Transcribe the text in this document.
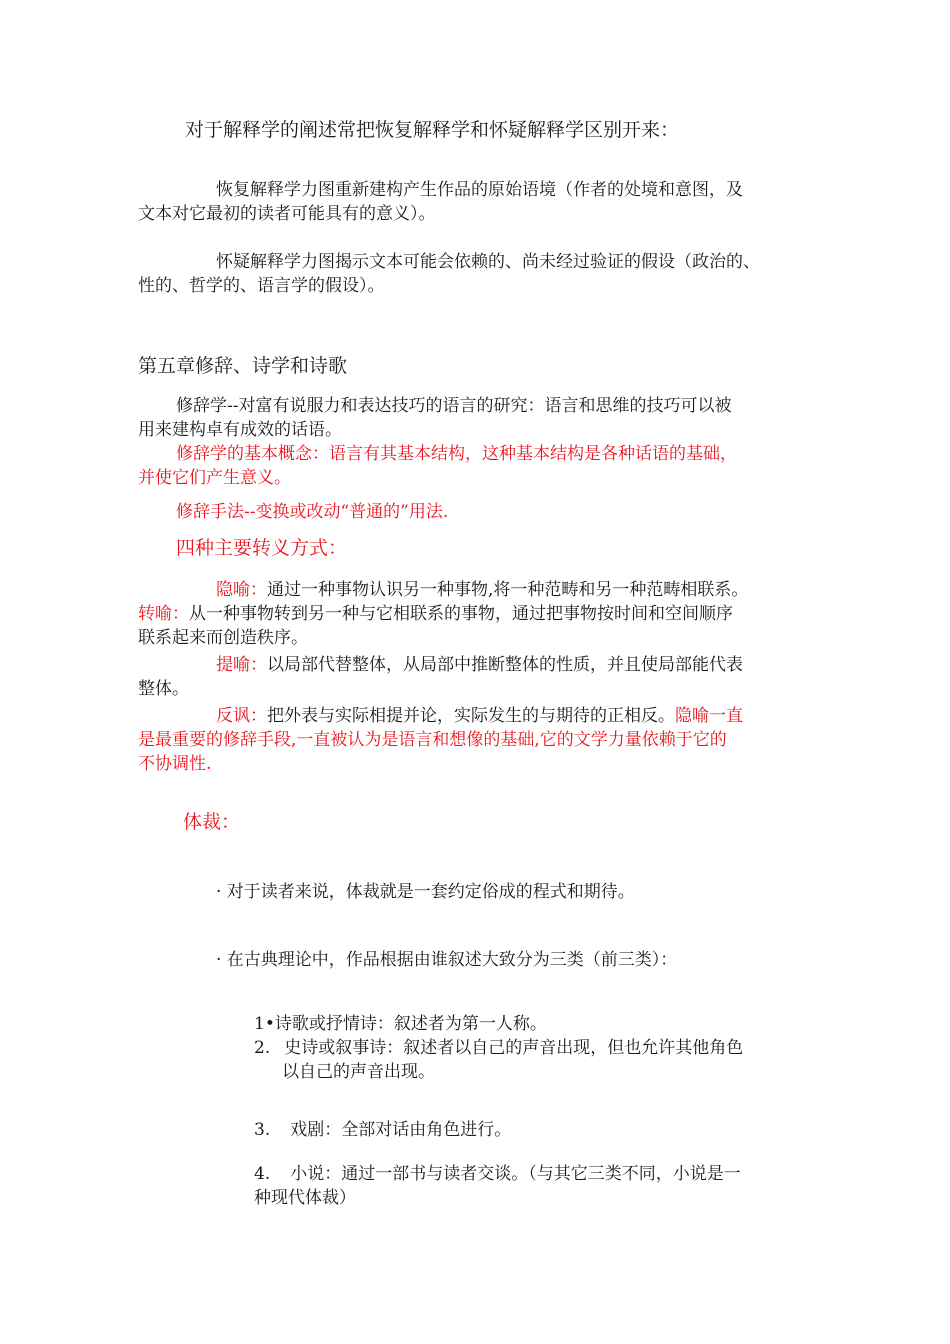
对于解释学的阐述常把恢复解释学和怀疑解释学区别开来：
恢复解释学力图重新建构产生作品的原始语境（作者的处境和意图，及
文本对它最初的读者可能具有的意义）。
怀疑解释学力图揭示文本可能会依赖的、尚未经过验证的假设（政治的、
性的、哲学的、语言学的假设）。
第五章修辞、诗学和诗歌
修辞学--对富有说服力和表达技巧的语言的研究：语言和思维的技巧可以被
用来建构卓有成效的话语。
修辞学的基本概念：语言有其基本结构，这种基本结构是各种话语的基础，
并使它们产生意义。
修辞手法--变换或改动“普通的”用法.
四种主要转义方式：
隐喻：通过一种事物认识另一种事物,将一种范畴和另一种范畴相联系。
转喻：从一种事物转到另一种与它相联系的事物，通过把事物按时间和空间顺序
联系起来而创造秩序。
提喻：以局部代替整体，从局部中推断整体的性质，并且使局部能代表
整体。
反讽：把外表与实际相提并论，实际发生的与期待的正相反。隐喻一直
是最重要的修辞手段,一直被认为是语言和想像的基础,它的文学力量依赖于它的
不协调性.
体裁：
· 对于读者来说，体裁就是一套约定俗成的程式和期待。
· 在古典理论中，作品根据由谁叙述大致分为三类（前三类）：
1•诗歌或抒情诗：叙述者为第一人称。
2. 史诗或叙事诗：叙述者以自己的声音出现，但也允许其他角色
以自己的声音出现。
3. 戏剧：全部对话由角色进行。
4. 小说：通过一部书与读者交谈。（与其它三类不同，小说是一
种现代体裁）
